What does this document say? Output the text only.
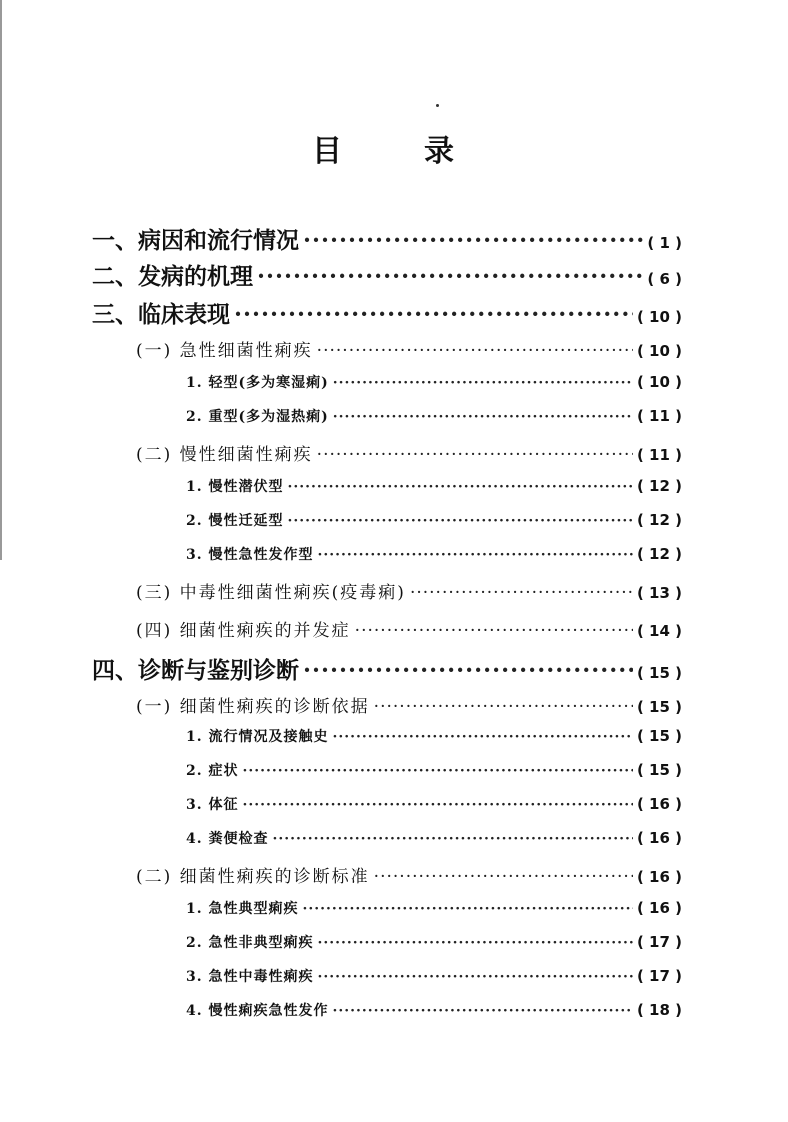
目	录
一、病因和流行情况 ·····	( 1 )
二、发病的机理 ·····	( 6 )
三、临床表现 ·····	( 10 )
(一) 急性细菌性痢疾 ·····	( 10 )
1. 轻型(多为寒湿痢) ·····	( 10 )
2. 重型(多为湿热痢) ·····	( 11 )
(二) 慢性细菌性痢疾 ·····	( 11 )
1. 慢性潜伏型 ·····	( 12 )
2. 慢性迁延型 ·····	( 12 )
3. 慢性急性发作型 ·····	( 12 )
(三) 中毒性细菌性痢疾(疫毒痢) ·····	( 13 )
(四) 细菌性痢疾的并发症 ·····	( 14 )
四、诊断与鉴别诊断 ·····	( 15 )
(一) 细菌性痢疾的诊断依据 ·····	( 15 )
1. 流行情况及接触史 ·····	( 15 )
2. 症状 ·····	( 15 )
3. 体征 ·····	( 16 )
4. 粪便检查 ·····	( 16 )
(二) 细菌性痢疾的诊断标准 ·····	( 16 )
1. 急性典型痢疾 ·····	( 16 )
2. 急性非典型痢疾 ·····	( 17 )
3. 急性中毒性痢疾 ·····	( 17 )
4. 慢性痢疾急性发作 ·····	( 18 )
